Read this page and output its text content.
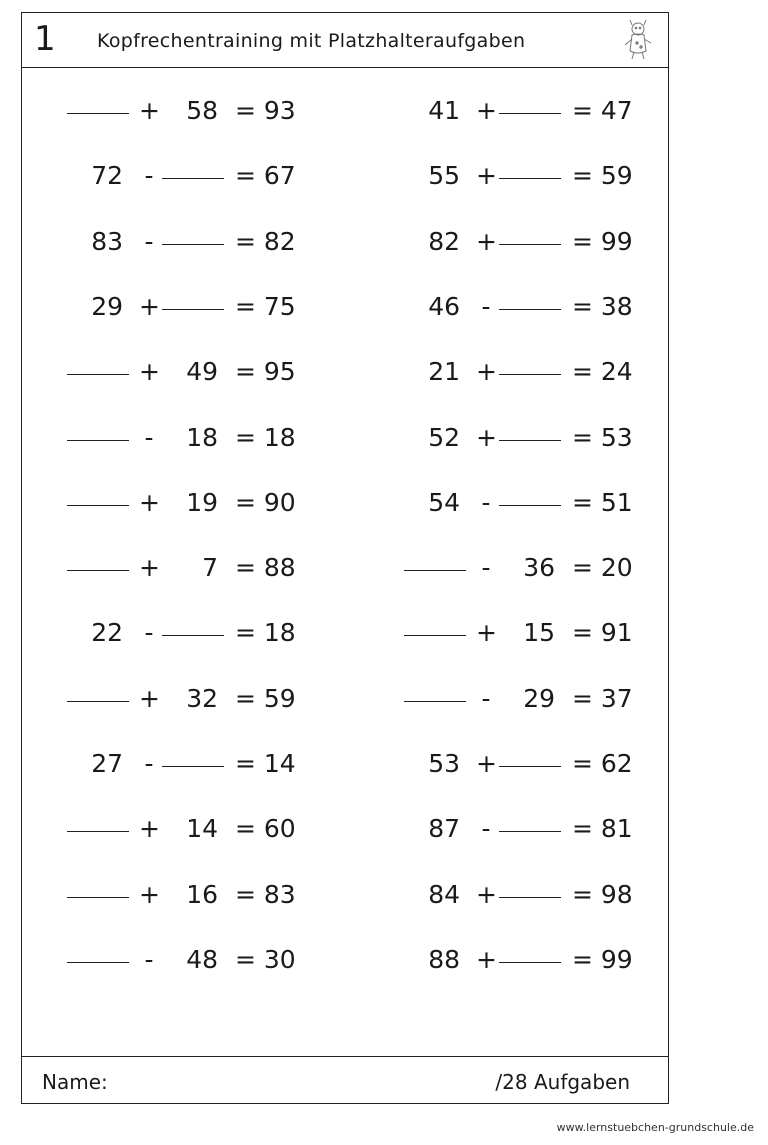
1 Kopfrechentraining mit Platzhalteraufgaben
+	58 = 93
72 -	= 67
83 -	= 82
29 +	= 75
+	49 = 95
-	18 = 18
+	19 = 90
+	7 = 88
22 -	= 18
+	32 = 59
27 -	= 14
+	14 = 60
+	16 = 83
-	48 = 30
41 +	= 47
55 +	= 59
82 +	= 99
46 -	= 38
21 +	= 24
52 +	= 53
54 -	= 51
-	36 = 20
+	15 = 91
-	29 = 37
53 +	= 62
87 -	= 81
84 +	= 98
88 +	= 99
Name:	/28 Aufgaben
www.lernstuebchen-grundschule.de
